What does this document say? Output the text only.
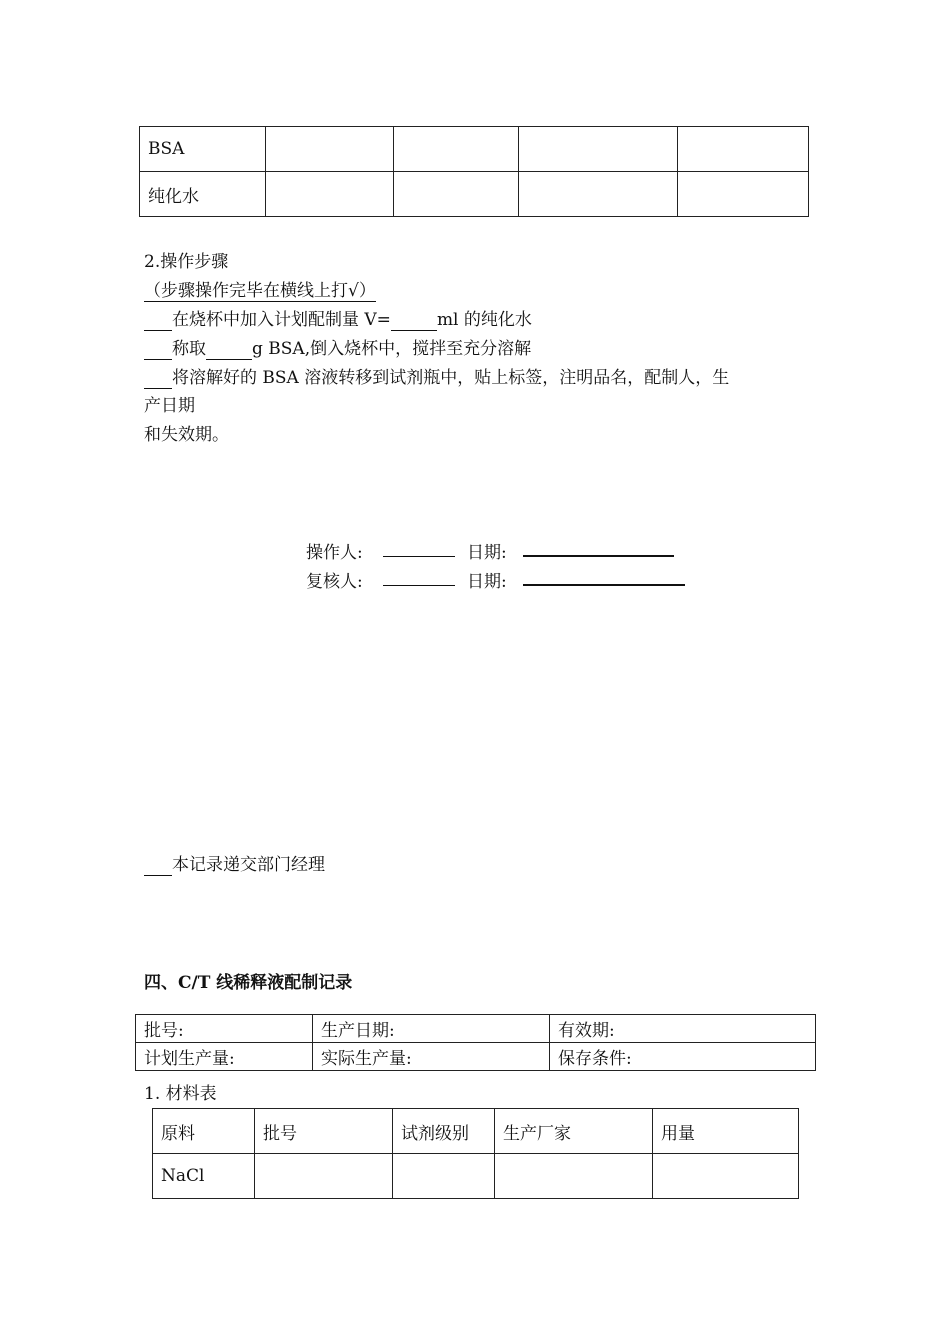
BSA				
纯化水				
2.操作步骤
（步骤操作完毕在横线上打√）
在烧杯中加入计划配制量 V=	ml 的纯化水
称取	g BSA,倒入烧杯中，搅拌至充分溶解
将溶解好的 BSA 溶液转移到试剂瓶中，贴上标签，注明品名，配制人，生
产日期
和失效期。
操作人:	日期:
复核人:	日期:
本记录递交部门经理
四、C/T 线稀释液配制记录
批号:	生产日期:	有效期:
计划生产量:	实际生产量:	保存条件:
1. 材料表
原料	批号	试剂级别	生产厂家	用量
NaCl				
